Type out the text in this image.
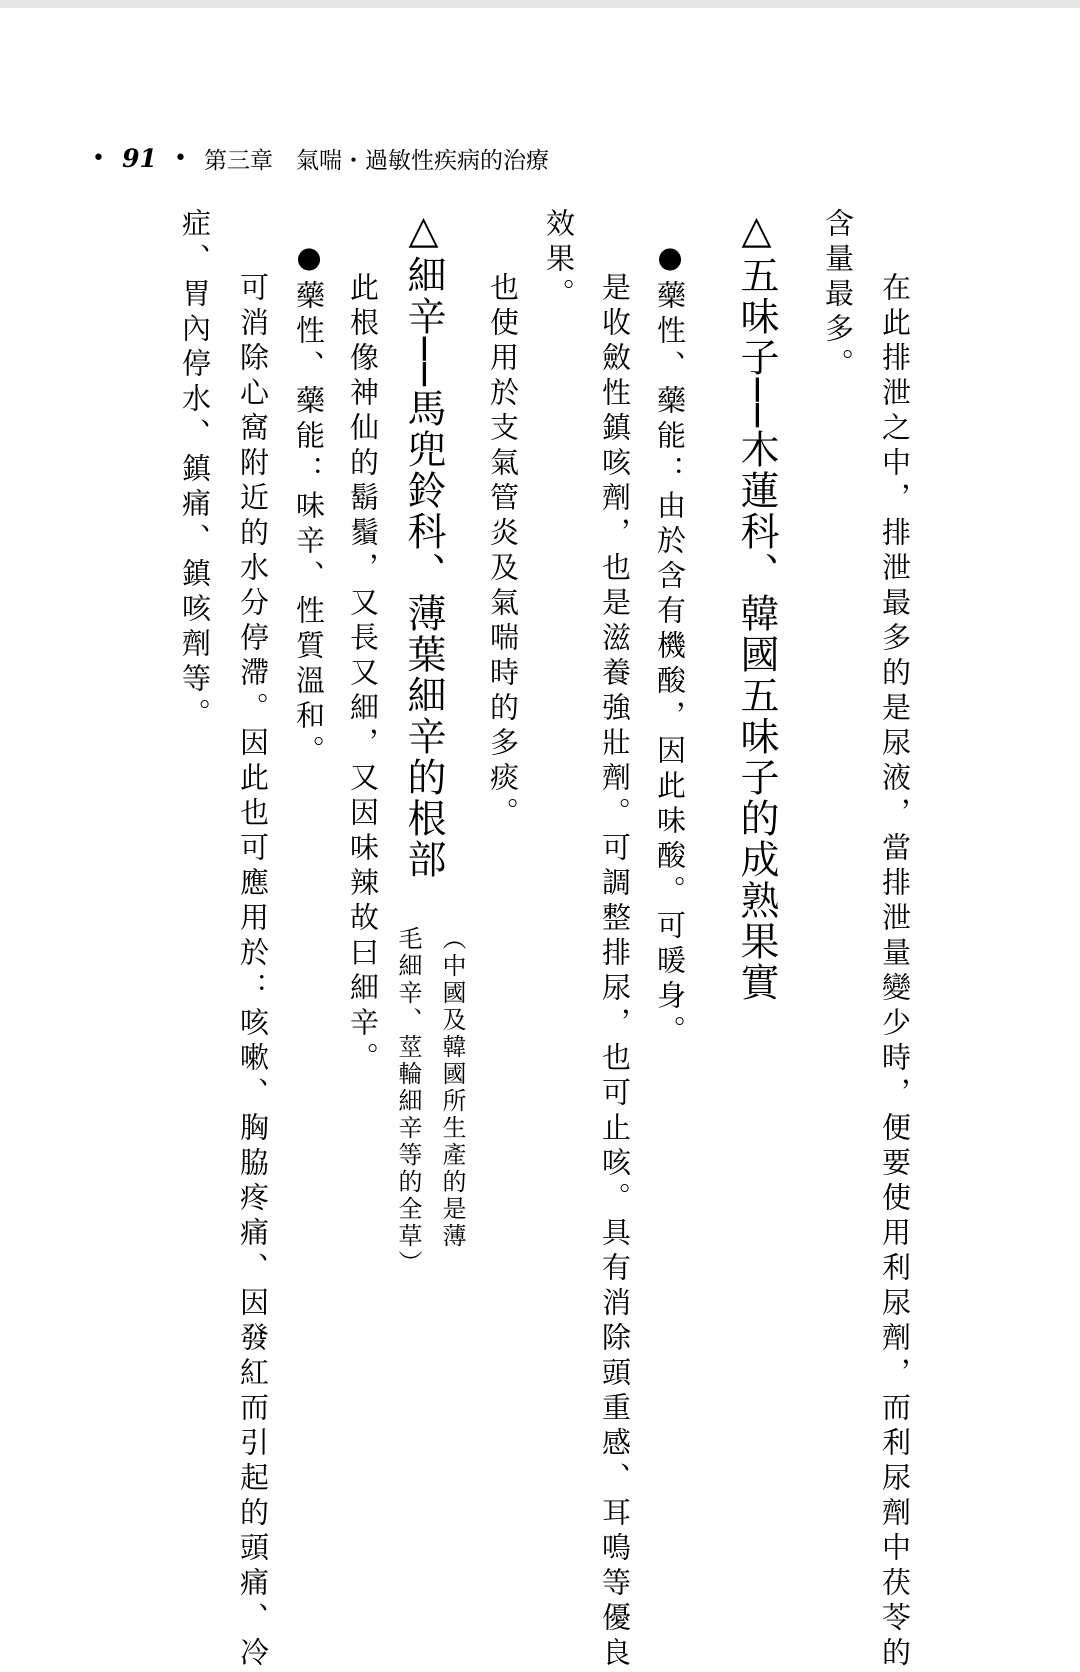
• 91 • 第三章　氣喘・過敏性疾病的治療
在此排泄之中，排泄最多的是尿液，當排泄量變少時，便要使用利尿劑，而利尿劑中茯苓的
含量最多。
△五味子──木蓮科、韓國五味子的成熟果實
●藥性、藥能：由於含有機酸，因此味酸。可暖身。
是收斂性鎮咳劑，也是滋養強壯劑。可調整排尿，也可止咳。具有消除頭重感、耳鳴等優良
效果。
也使用於支氣管炎及氣喘時的多痰。
△細辛──馬兜鈴科、薄葉細辛的根部
（中國及韓國所生產的是薄
毛細辛、莖輪細辛等的全草）
此根像神仙的鬍鬚，又長又細，又因味辣故曰細辛。
●藥性、藥能：味辛、性質溫和。
可消除心窩附近的水分停滯。因此也可應用於：咳嗽、胸脇疼痛、因發紅而引起的頭痛、冷
症、胃內停水、鎮痛、鎮咳劑等。
